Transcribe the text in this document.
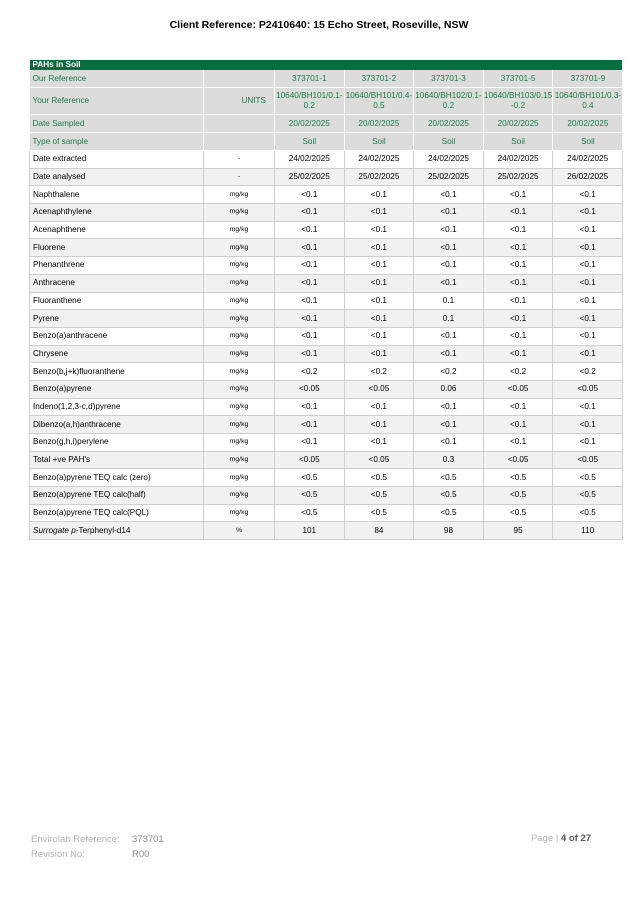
Client Reference: P2410640: 15 Echo Street, Roseville, NSW
PAHs in Soil						
Our Reference		373701-1	373701-2	373701-3	373701-5	373701-9
Your Reference	UNITS	10640/BH101/0.1-0.2	10640/BH101/0.4-0.5	10640/BH102/0.1-0.2	10640/BH103/0.15-0.2	10640/BH101/0.3-0.4
Date Sampled		20/02/2025	20/02/2025	20/02/2025	20/02/2025	20/02/2025
Type of sample		Soil	Soil	Soil	Soil	Soil
Date extracted	-	24/02/2025	24/02/2025	24/02/2025	24/02/2025	24/02/2025
Date analysed	-	25/02/2025	25/02/2025	25/02/2025	25/02/2025	26/02/2025
Naphthalene	mg/kg	<0.1	<0.1	<0.1	<0.1	<0.1
Acenaphthylene	mg/kg	<0.1	<0.1	<0.1	<0.1	<0.1
Acenaphthene	mg/kg	<0.1	<0.1	<0.1	<0.1	<0.1
Fluorene	mg/kg	<0.1	<0.1	<0.1	<0.1	<0.1
Phenanthrene	mg/kg	<0.1	<0.1	<0.1	<0.1	<0.1
Anthracene	mg/kg	<0.1	<0.1	<0.1	<0.1	<0.1
Fluoranthene	mg/kg	<0.1	<0.1	0.1	<0.1	<0.1
Pyrene	mg/kg	<0.1	<0.1	0.1	<0.1	<0.1
Benzo(a)anthracene	mg/kg	<0.1	<0.1	<0.1	<0.1	<0.1
Chrysene	mg/kg	<0.1	<0.1	<0.1	<0.1	<0.1
Benzo(b,j+k)fluoranthene	mg/kg	<0.2	<0.2	<0.2	<0.2	<0.2
Benzo(a)pyrene	mg/kg	<0.05	<0.05	0.06	<0.05	<0.05
Indeno(1,2,3-c,d)pyrene	mg/kg	<0.1	<0.1	<0.1	<0.1	<0.1
Dibenzo(a,h)anthracene	mg/kg	<0.1	<0.1	<0.1	<0.1	<0.1
Benzo(g,h,i)perylene	mg/kg	<0.1	<0.1	<0.1	<0.1	<0.1
Total +ve PAH's	mg/kg	<0.05	<0.05	0.3	<0.05	<0.05
Benzo(a)pyrene TEQ calc (zero)	mg/kg	<0.5	<0.5	<0.5	<0.5	<0.5
Benzo(a)pyrene TEQ calc(half)	mg/kg	<0.5	<0.5	<0.5	<0.5	<0.5
Benzo(a)pyrene TEQ calc(PQL)	mg/kg	<0.5	<0.5	<0.5	<0.5	<0.5
Surrogate p-Terphenyl-d14	%	101	84	98	95	110
Envirolab Reference: 373701
Revision No:	R00
Page | 4 of 27
